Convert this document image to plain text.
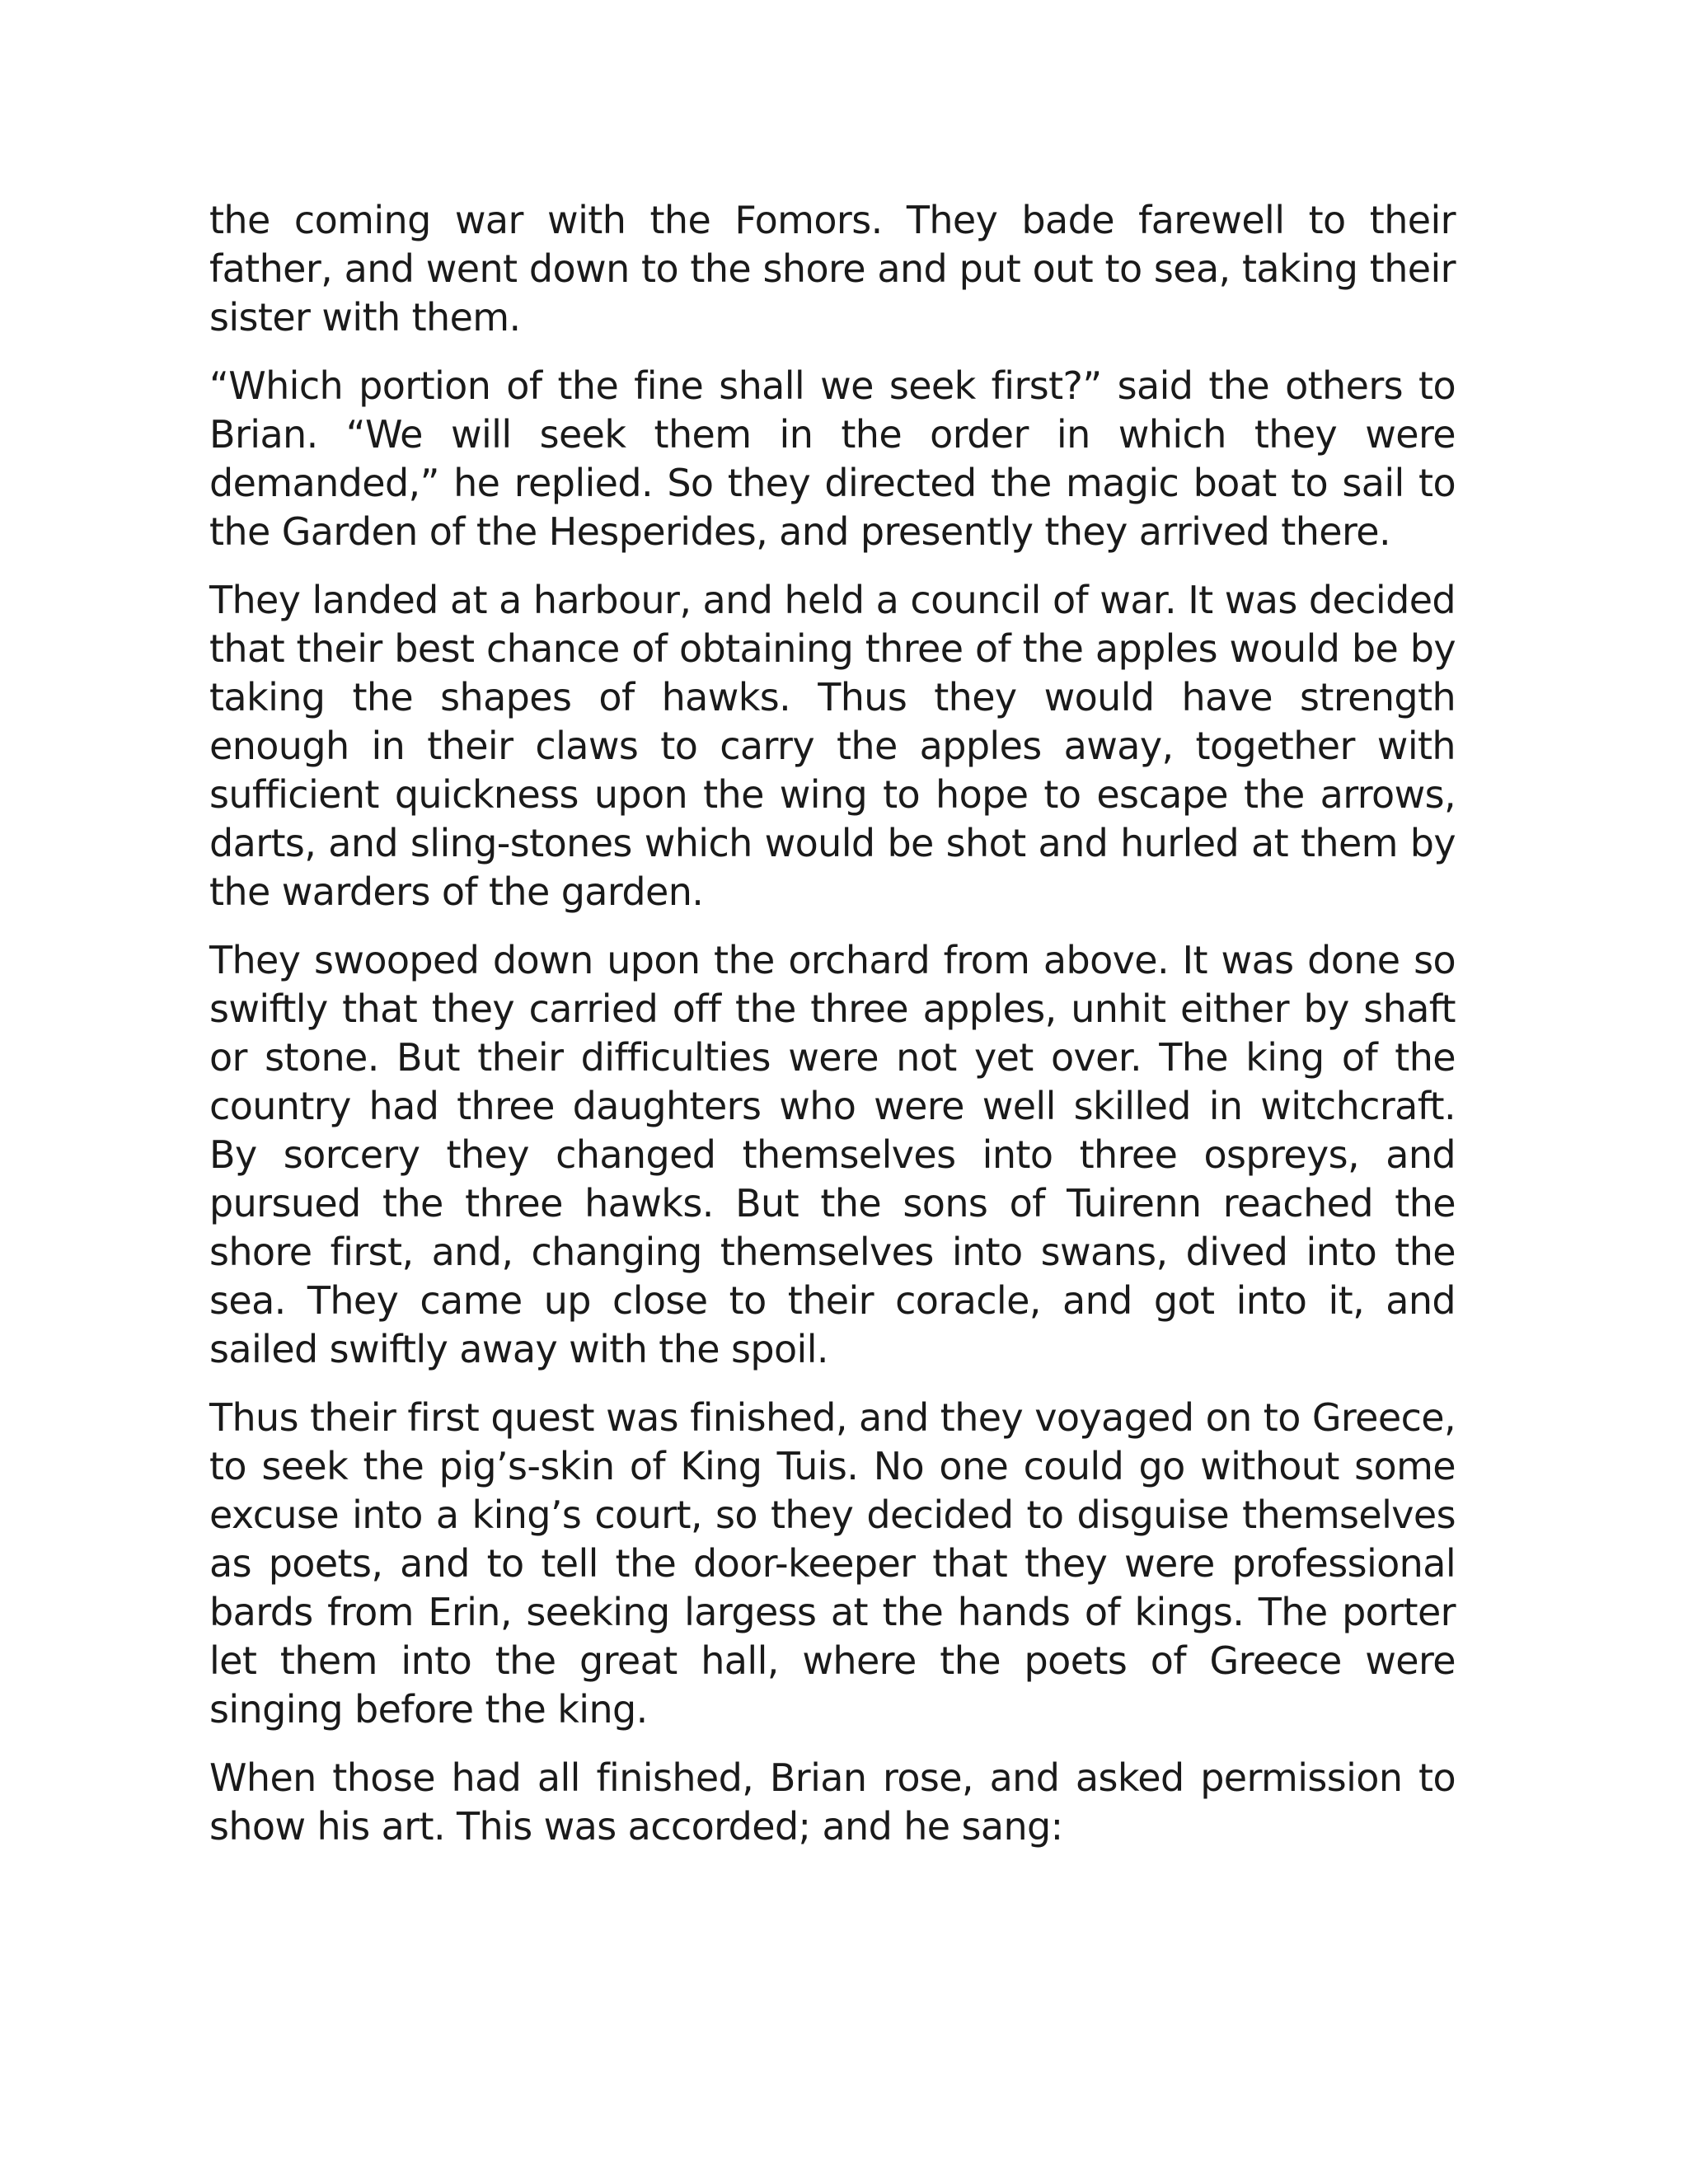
the coming war with the Fomors. They bade farewell to their father, and went down to the shore and put out to sea, taking their sister with them.

“Which portion of the fine shall we seek first?” said the others to Brian. “We will seek them in the order in which they were demanded,” he replied. So they directed the magic boat to sail to the Garden of the Hesperides, and presently they arrived there.

They landed at a harbour, and held a council of war. It was decided that their best chance of obtaining three of the apples would be by taking the shapes of hawks. Thus they would have strength enough in their claws to carry the apples away, together with sufficient quickness upon the wing to hope to escape the arrows, darts, and sling-stones which would be shot and hurled at them by the warders of the garden.

They swooped down upon the orchard from above. It was done so swiftly that they carried off the three apples, unhit either by shaft or stone. But their difficulties were not yet over. The king of the country had three daughters who were well skilled in witchcraft. By sorcery they changed themselves into three ospreys, and pursued the three hawks. But the sons of Tuirenn reached the shore first, and, changing themselves into swans, dived into the sea. They came up close to their coracle, and got into it, and sailed swiftly away with the spoil.

Thus their first quest was finished, and they voyaged on to Greece, to seek the pig’s-skin of King Tuis. No one could go without some excuse into a king’s court, so they decided to disguise themselves as poets, and to tell the door-keeper that they were professional bards from Erin, seeking largess at the hands of kings. The porter let them into the great hall, where the poets of Greece were singing before the king.

When those had all finished, Brian rose, and asked permission to show his art. This was accorded; and he sang:
